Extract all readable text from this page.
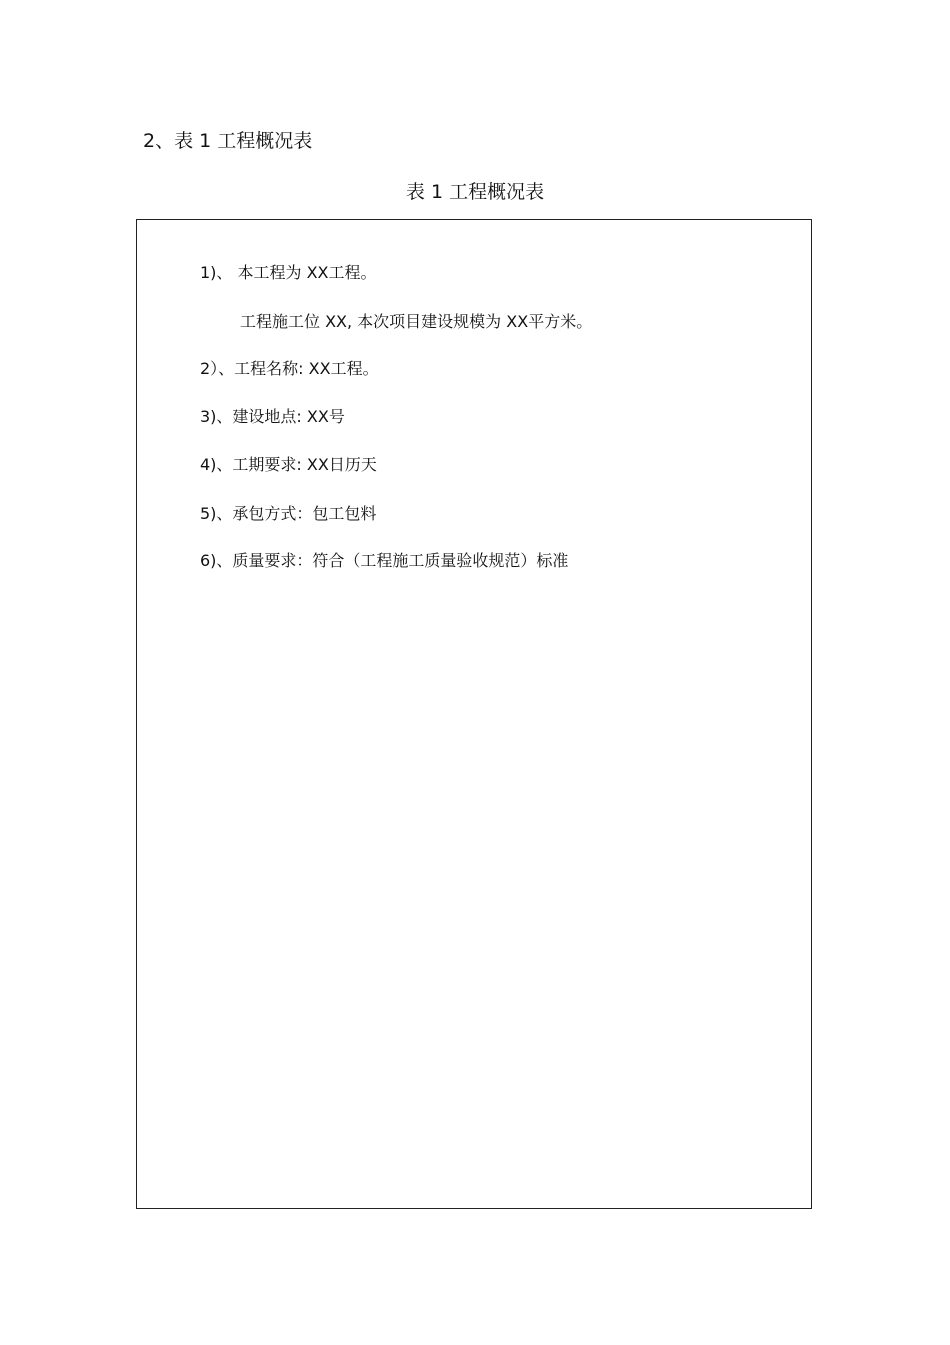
2、表 1 工程概况表
表 1 工程概况表
1)、 本工程为 XX工程。
工程施工位 XX, 本次项目建设规模为 XX平方米。
2）、工程名称: XX工程。
3)、建设地点: XX号
4)、工期要求: XX日历天
5)、承包方式：包工包料
6)、质量要求：符合（工程施工质量验收规范）标准
